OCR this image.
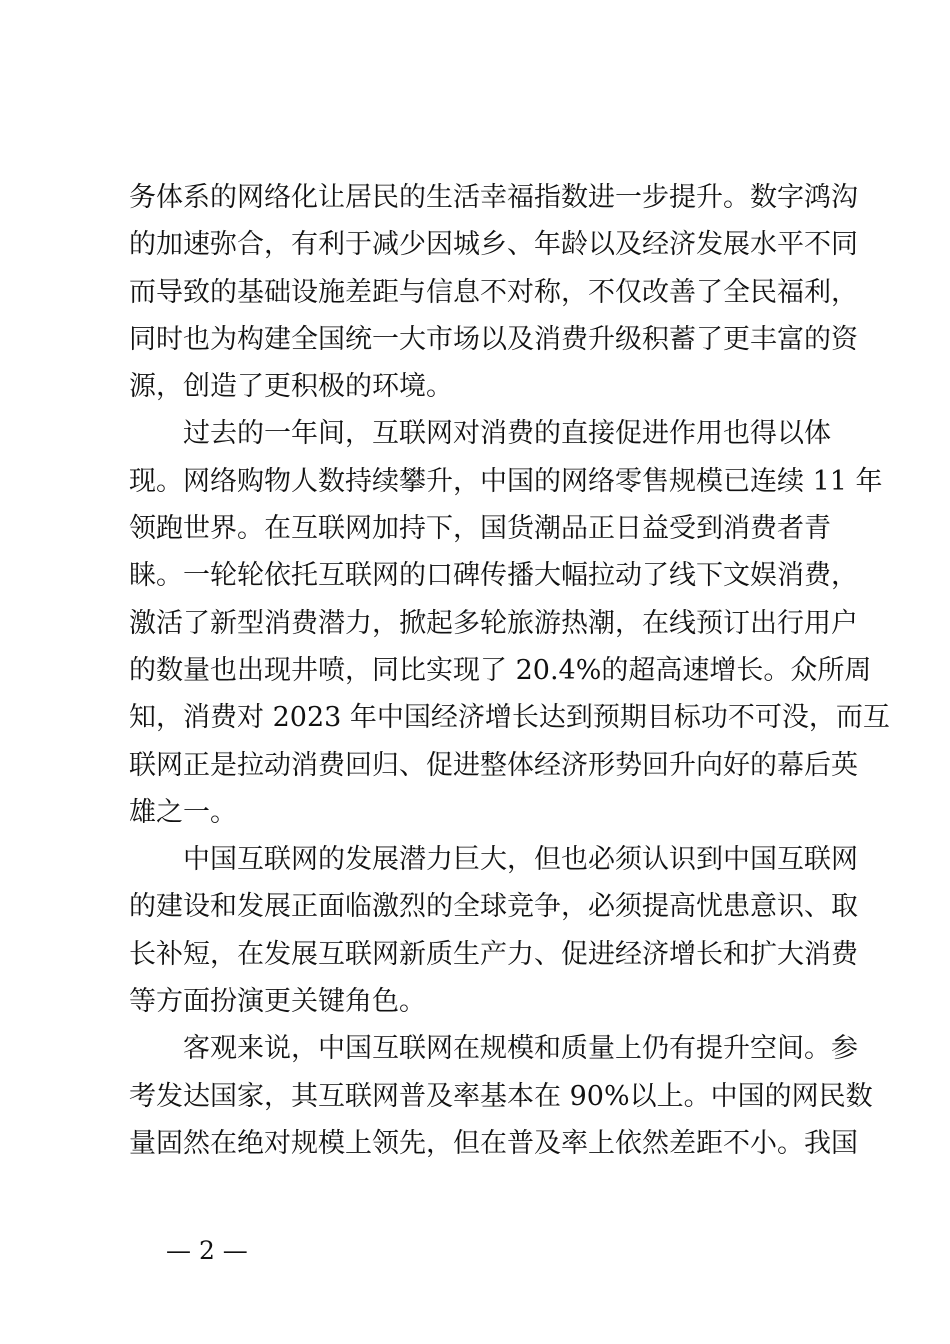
务体系的网络化让居民的生活幸福指数进一步提升。数字鸿沟
的加速弥合，有利于减少因城乡、年龄以及经济发展水平不同
而导致的基础设施差距与信息不对称，不仅改善了全民福利，
同时也为构建全国统一大市场以及消费升级积蓄了更丰富的资
源，创造了更积极的环境。
　　过去的一年间，互联网对消费的直接促进作用也得以体
现。网络购物人数持续攀升，中国的网络零售规模已连续 11 年
领跑世界。在互联网加持下，国货潮品正日益受到消费者青
睐。一轮轮依托互联网的口碑传播大幅拉动了线下文娱消费，
激活了新型消费潜力，掀起多轮旅游热潮，在线预订出行用户
的数量也出现井喷，同比实现了 20.4%的超高速增长。众所周
知，消费对 2023 年中国经济增长达到预期目标功不可没，而互
联网正是拉动消费回归、促进整体经济形势回升向好的幕后英
雄之一。
　　中国互联网的发展潜力巨大，但也必须认识到中国互联网
的建设和发展正面临激烈的全球竞争，必须提高忧患意识、取
长补短，在发展互联网新质生产力、促进经济增长和扩大消费
等方面扮演更关键角色。
　　客观来说，中国互联网在规模和质量上仍有提升空间。参
考发达国家，其互联网普及率基本在 90%以上。中国的网民数
量固然在绝对规模上领先，但在普及率上依然差距不小。我国
— 2 —
